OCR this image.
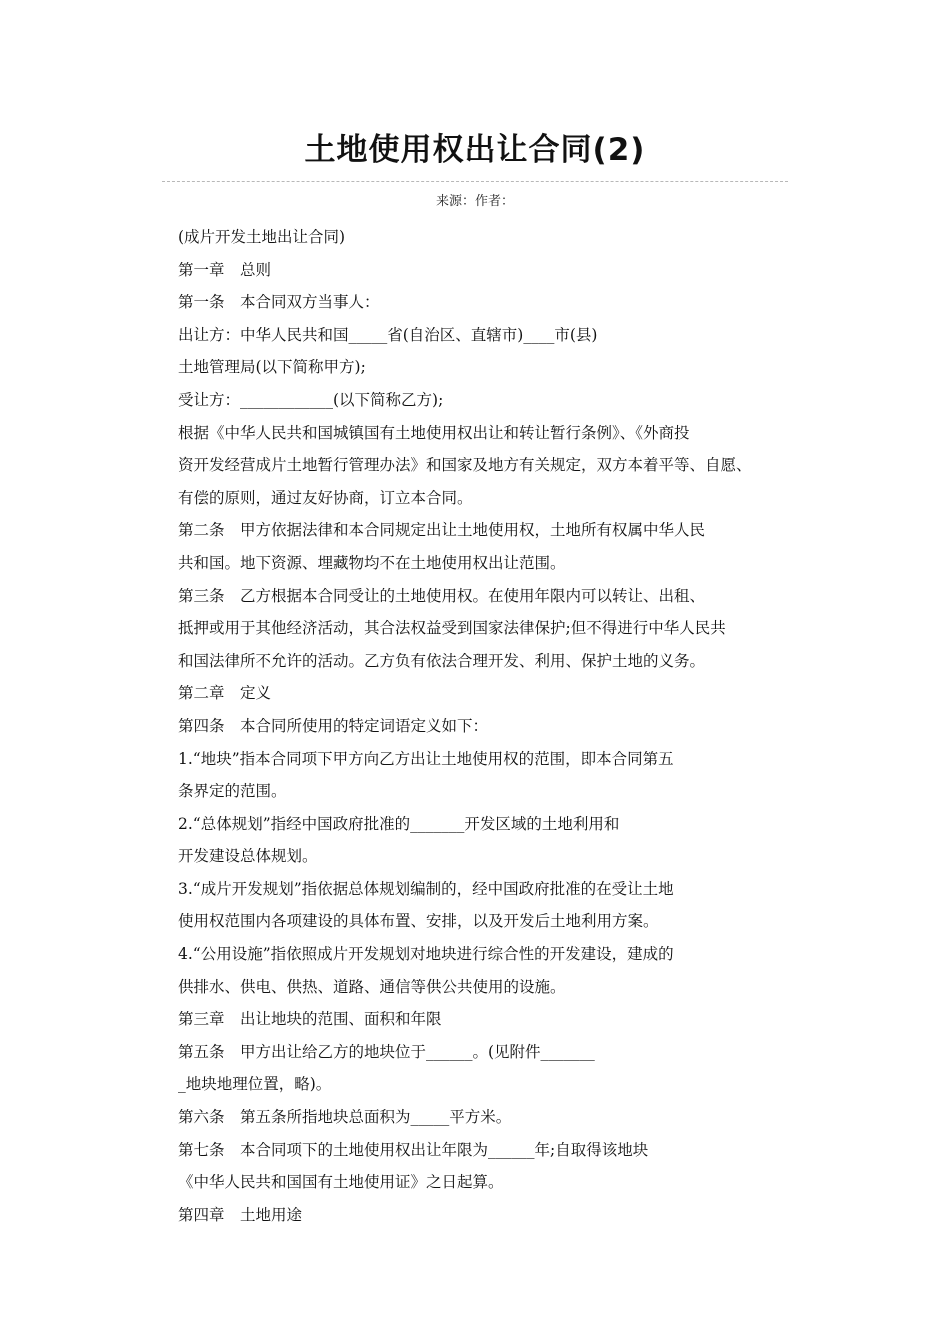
土地使用权出让合同(2)
来源：作者：
(成片开发土地出让合同)
第一章　总则
第一条　本合同双方当事人：
出让方：中华人民共和国_____省(自治区、直辖市)____市(县)
土地管理局(以下简称甲方);
受让方：____________(以下简称乙方);
根据《中华人民共和国城镇国有土地使用权出让和转让暂行条例》、《外商投
资开发经营成片土地暂行管理办法》和国家及地方有关规定，双方本着平等、自愿、
有偿的原则，通过友好协商，订立本合同。
第二条　甲方依据法律和本合同规定出让土地使用权，土地所有权属中华人民
共和国。地下资源、埋藏物均不在土地使用权出让范围。
第三条　乙方根据本合同受让的土地使用权。在使用年限内可以转让、出租、
抵押或用于其他经济活动，其合法权益受到国家法律保护;但不得进行中华人民共
和国法律所不允许的活动。乙方负有依法合理开发、利用、保护土地的义务。
第二章　定义
第四条　本合同所使用的特定词语定义如下：
1.“地块”指本合同项下甲方向乙方出让土地使用权的范围，即本合同第五
条界定的范围。
2.“总体规划”指经中国政府批准的_______开发区域的土地利用和
开发建设总体规划。
3.“成片开发规划”指依据总体规划编制的，经中国政府批准的在受让土地
使用权范围内各项建设的具体布置、安排，以及开发后土地利用方案。
4.“公用设施”指依照成片开发规划对地块进行综合性的开发建设，建成的
供排水、供电、供热、道路、通信等供公共使用的设施。
第三章　出让地块的范围、面积和年限
第五条　甲方出让给乙方的地块位于______。(见附件_______
_地块地理位置，略)。
第六条　第五条所指地块总面积为_____平方米。
第七条　本合同项下的土地使用权出让年限为______年;自取得该地块
《中华人民共和国国有土地使用证》之日起算。
第四章　土地用途
